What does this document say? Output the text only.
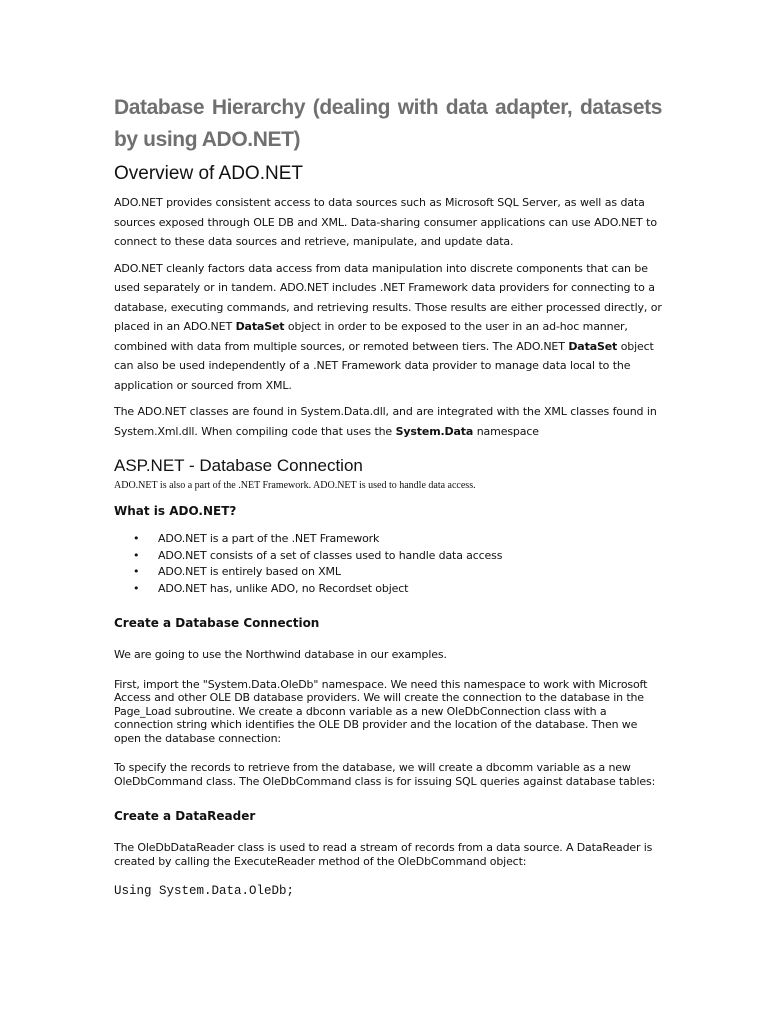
Database Hierarchy (dealing with data adapter, datasets by using ADO.NET)
Overview of ADO.NET

ADO.NET provides consistent access to data sources such as Microsoft SQL Server, as well as data sources exposed through OLE DB and XML. Data-sharing consumer applications can use ADO.NET to connect to these data sources and retrieve, manipulate, and update data.

ADO.NET cleanly factors data access from data manipulation into discrete components that can be used separately or in tandem. ADO.NET includes .NET Framework data providers for connecting to a database, executing commands, and retrieving results. Those results are either processed directly, or placed in an ADO.NET DataSet object in order to be exposed to the user in an ad-hoc manner, combined with data from multiple sources, or remoted between tiers. The ADO.NET DataSet object can also be used independently of a .NET Framework data provider to manage data local to the application or sourced from XML.

The ADO.NET classes are found in System.Data.dll, and are integrated with the XML classes found in System.Xml.dll. When compiling code that uses the System.Data namespace

ASP.NET - Database Connection

ADO.NET is also a part of the .NET Framework. ADO.NET is used to handle data access.

What is ADO.NET?
• ADO.NET is a part of the .NET Framework
• ADO.NET consists of a set of classes used to handle data access
• ADO.NET is entirely based on XML
• ADO.NET has, unlike ADO, no Recordset object
Create a Database Connection

We are going to use the Northwind database in our examples.

First, import the "System.Data.OleDb" namespace. We need this namespace to work with Microsoft Access and other OLE DB database providers. We will create the connection to the database in the Page_Load subroutine. We create a dbconn variable as a new OleDbConnection class with a connection string which identifies the OLE DB provider and the location of the database. Then we open the database connection:

To specify the records to retrieve from the database, we will create a dbcomm variable as a new OleDbCommand class. The OleDbCommand class is for issuing SQL queries against database tables:

Create a DataReader

The OleDbDataReader class is used to read a stream of records from a data source. A DataReader is created by calling the ExecuteReader method of the OleDbCommand object:

Using System.Data.OleDb;
